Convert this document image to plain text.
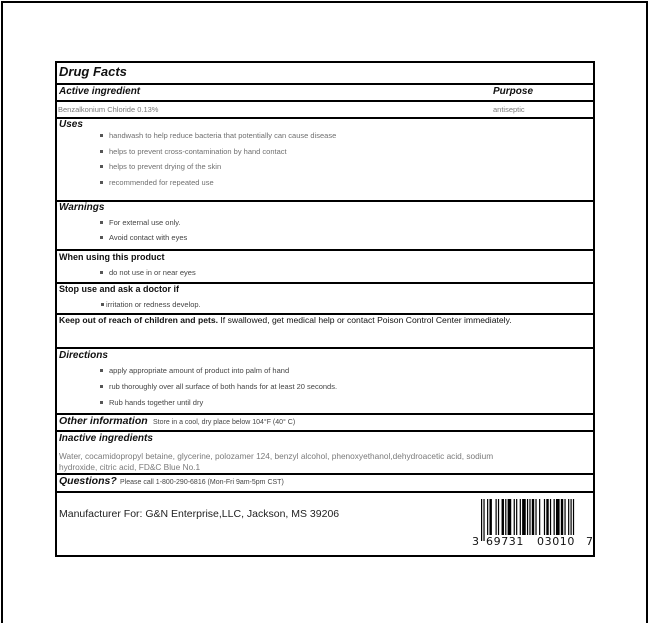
Drug Facts
Active ingredient	Purpose
Benzalkonium Chloride 0.13%	antiseptic
Uses
handwash to help reduce bacteria that potentially can cause disease
helps to prevent cross-contamination by hand contact
helps to prevent drying of the skin
recommended for repeated use
Warnings
For external use only.
Avoid contact with eyes
When using this product
do not use in or near eyes
Stop use and ask a doctor if
irritation or redness develop.
Keep out of reach of children and pets. If swallowed, get medical help or contact Poison Control Center immediately.
Directions
apply appropriate amount of product into palm of hand
rub thoroughly over all surface of both hands for at least 20 seconds.
Rub hands together until dry
Other information Store in a cool, dry place below 104°F (40° C)
Inactive ingredients
Water, cocamidopropyl betaine, glycerine, polozamer 124, benzyl alcohol, phenoxyethanol,dehydroacetic acid, sodium
hydroxide, citric acid, FD&C Blue No.1
Questions? Please call 1-800-290-6816 (Mon-Fri 9am-5pm CST)
Manufacturer For: G&N Enterprise,LLC, Jackson, MS 39206
3 69731 03010 7
